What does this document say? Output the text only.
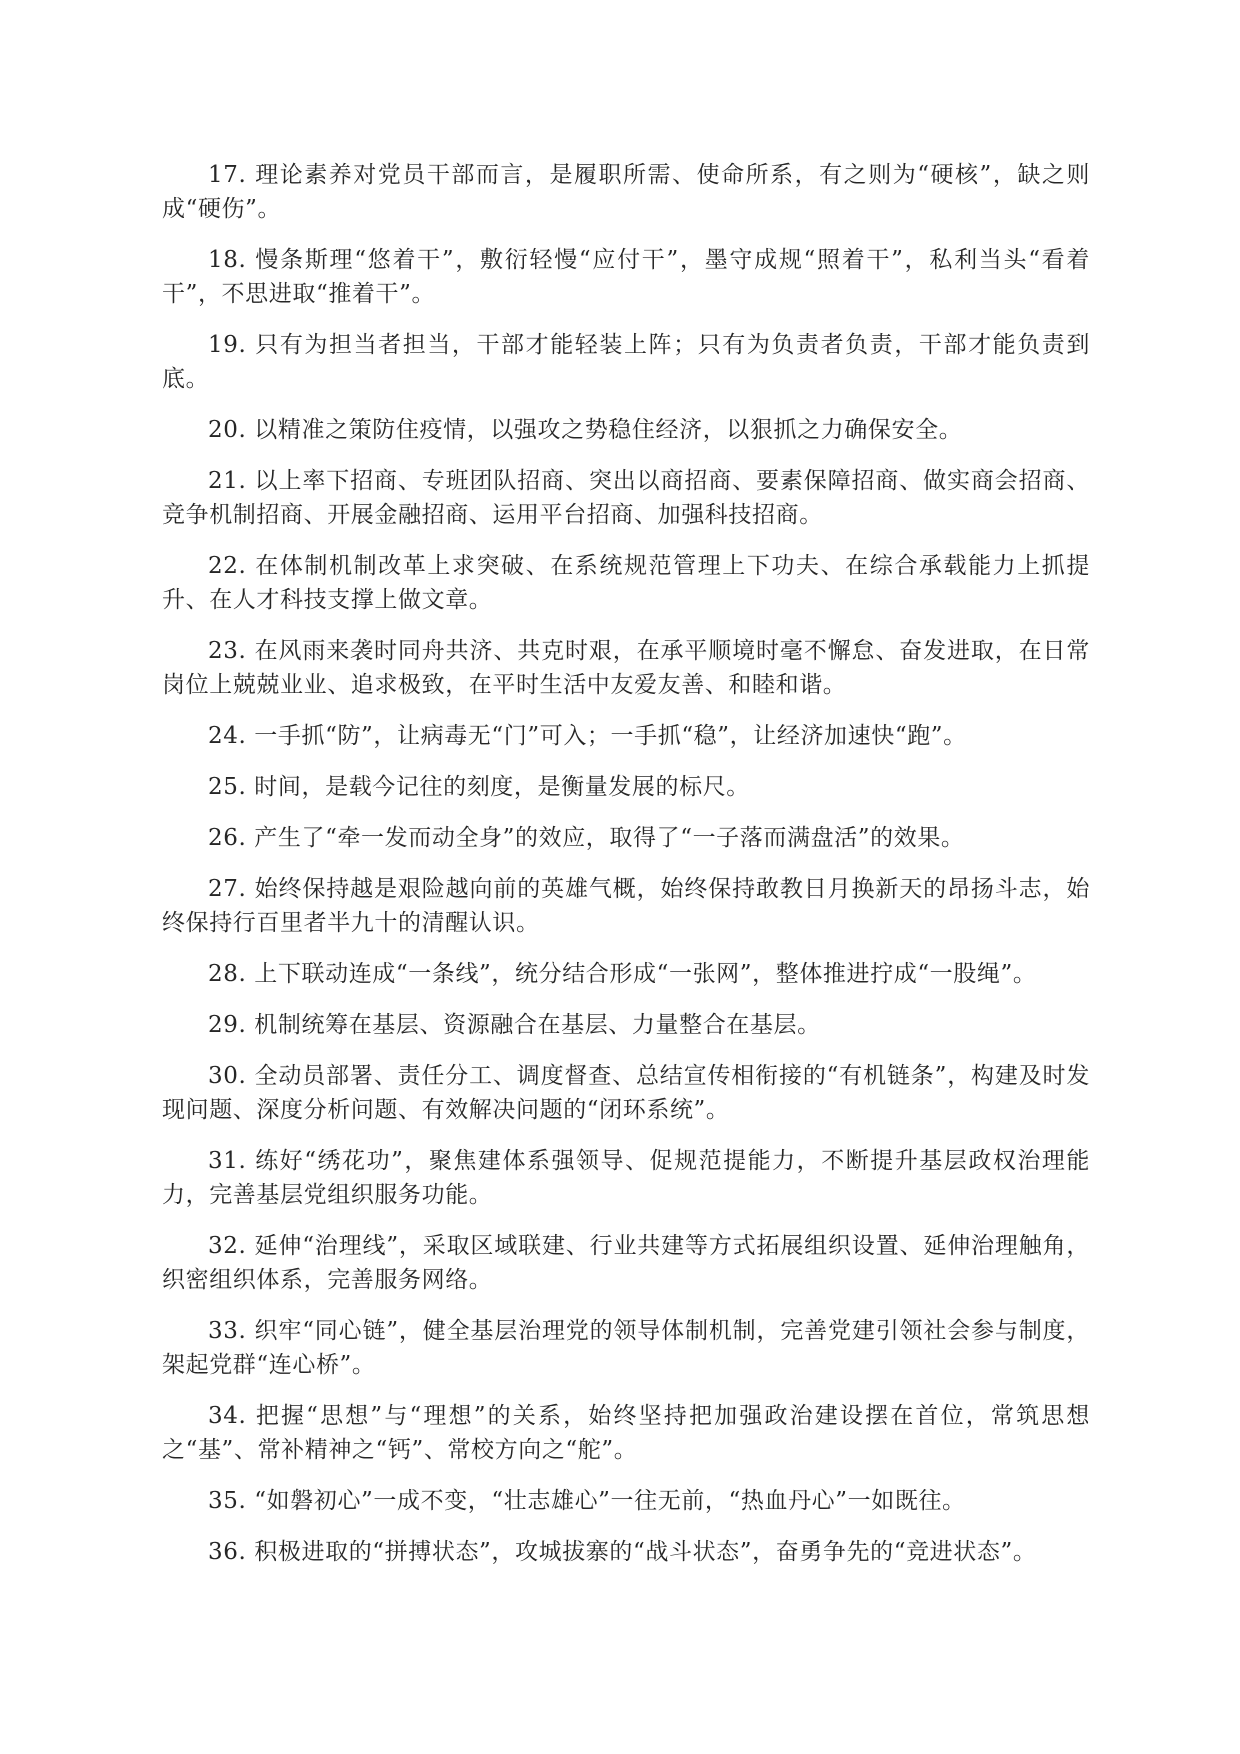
17. 理论素养对党员干部而言，是履职所需、使命所系，有之则为“硬核”，缺之则成“硬伤”。

18. 慢条斯理“悠着干”，敷衍轻慢“应付干”，墨守成规“照着干”，私利当头“看着干”，不思进取“推着干”。

19. 只有为担当者担当，干部才能轻装上阵；只有为负责者负责，干部才能负责到底。

20. 以精准之策防住疫情，以强攻之势稳住经济，以狠抓之力确保安全。

21. 以上率下招商、专班团队招商、突出以商招商、要素保障招商、做实商会招商、竞争机制招商、开展金融招商、运用平台招商、加强科技招商。

22. 在体制机制改革上求突破、在系统规范管理上下功夫、在综合承载能力上抓提升、在人才科技支撑上做文章。

23. 在风雨来袭时同舟共济、共克时艰，在承平顺境时毫不懈怠、奋发进取，在日常岗位上兢兢业业、追求极致，在平时生活中友爱友善、和睦和谐。

24. 一手抓“防”，让病毒无“门”可入；一手抓“稳”，让经济加速快“跑”。

25. 时间，是载今记往的刻度，是衡量发展的标尺。

26. 产生了“牵一发而动全身”的效应，取得了“一子落而满盘活”的效果。

27. 始终保持越是艰险越向前的英雄气概，始终保持敢教日月换新天的昂扬斗志，始终保持行百里者半九十的清醒认识。

28. 上下联动连成“一条线”，统分结合形成“一张网”，整体推进拧成“一股绳”。

29. 机制统筹在基层、资源融合在基层、力量整合在基层。

30. 全动员部署、责任分工、调度督查、总结宣传相衔接的“有机链条”，构建及时发现问题、深度分析问题、有效解决问题的“闭环系统”。

31. 练好“绣花功”，聚焦建体系强领导、促规范提能力，不断提升基层政权治理能力，完善基层党组织服务功能。

32. 延伸“治理线”，采取区域联建、行业共建等方式拓展组织设置、延伸治理触角，织密组织体系，完善服务网络。

33. 织牢“同心链”，健全基层治理党的领导体制机制，完善党建引领社会参与制度，架起党群“连心桥”。

34. 把握“思想”与“理想”的关系，始终坚持把加强政治建设摆在首位，常筑思想之“基”、常补精神之“钙”、常校方向之“舵”。

35. “如磐初心”一成不变，“壮志雄心”一往无前，“热血丹心”一如既往。

36. 积极进取的“拼搏状态”，攻城拔寨的“战斗状态”，奋勇争先的“竞进状态”。
